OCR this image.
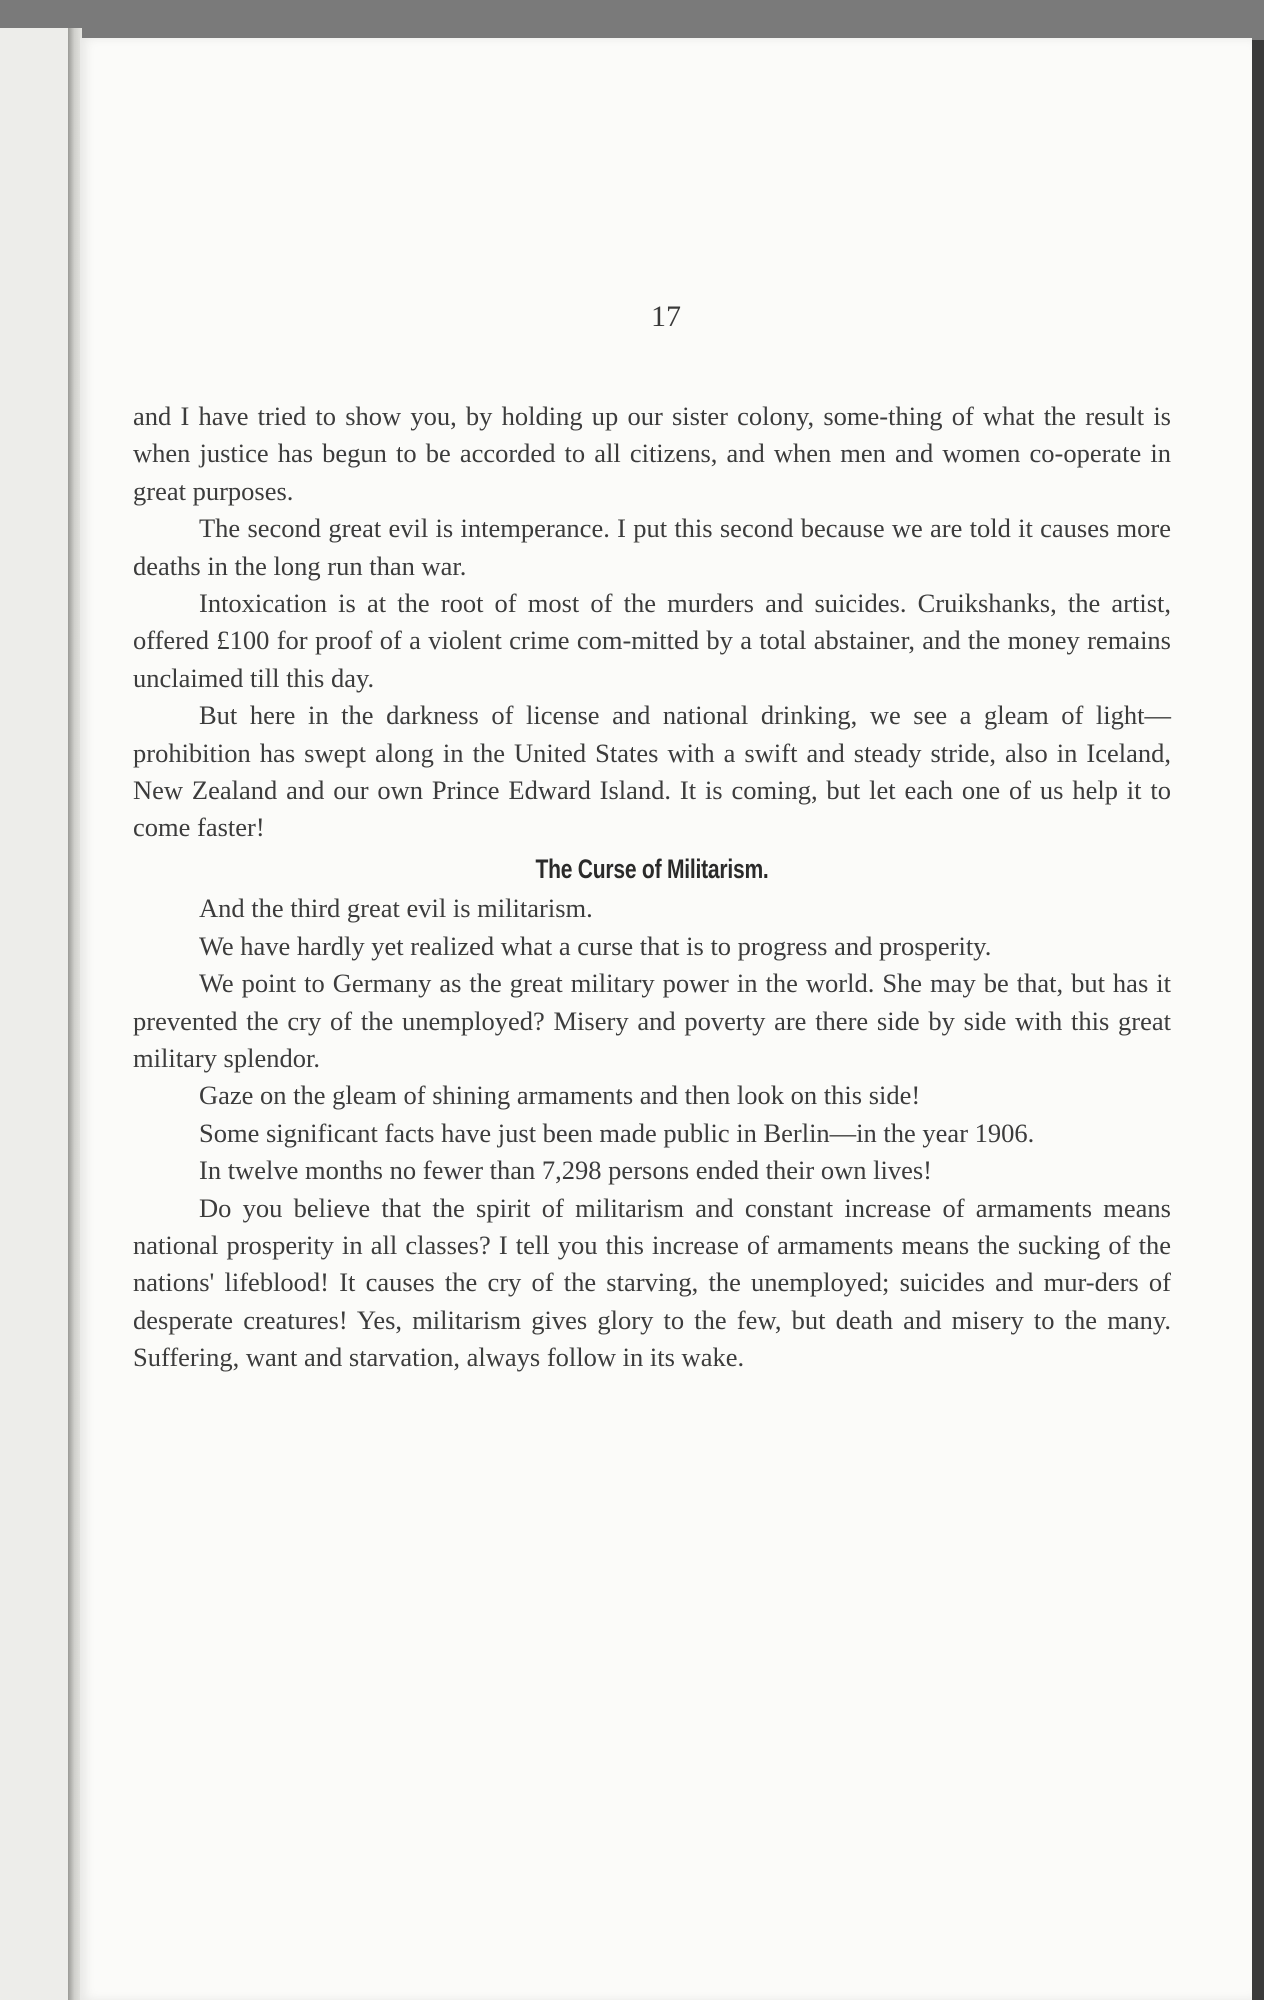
17

and I have tried to show you, by holding up our sister colony, some-thing of what the result is when justice has begun to be accorded to all citizens, and when men and women co-operate in great purposes.

The second great evil is intemperance. I put this second because we are told it causes more deaths in the long run than war.

Intoxication is at the root of most of the murders and suicides. Cruikshanks, the artist, offered £100 for proof of a violent crime com-mitted by a total abstainer, and the money remains unclaimed till this day.

But here in the darkness of license and national drinking, we see a gleam of light—prohibition has swept along in the United States with a swift and steady stride, also in Iceland, New Zealand and our own Prince Edward Island. It is coming, but let each one of us help it to come faster!

The Curse of Militarism.

And the third great evil is militarism.

We have hardly yet realized what a curse that is to progress and prosperity.

We point to Germany as the great military power in the world. She may be that, but has it prevented the cry of the unemployed? Misery and poverty are there side by side with this great military splendor.

Gaze on the gleam of shining armaments and then look on this side!

Some significant facts have just been made public in Berlin—in the year 1906.

In twelve months no fewer than 7,298 persons ended their own lives!

Do you believe that the spirit of militarism and constant increase of armaments means national prosperity in all classes? I tell you this increase of armaments means the sucking of the nations' lifeblood! It causes the cry of the starving, the unemployed; suicides and mur-ders of desperate creatures! Yes, militarism gives glory to the few, but death and misery to the many. Suffering, want and starvation, always follow in its wake.
